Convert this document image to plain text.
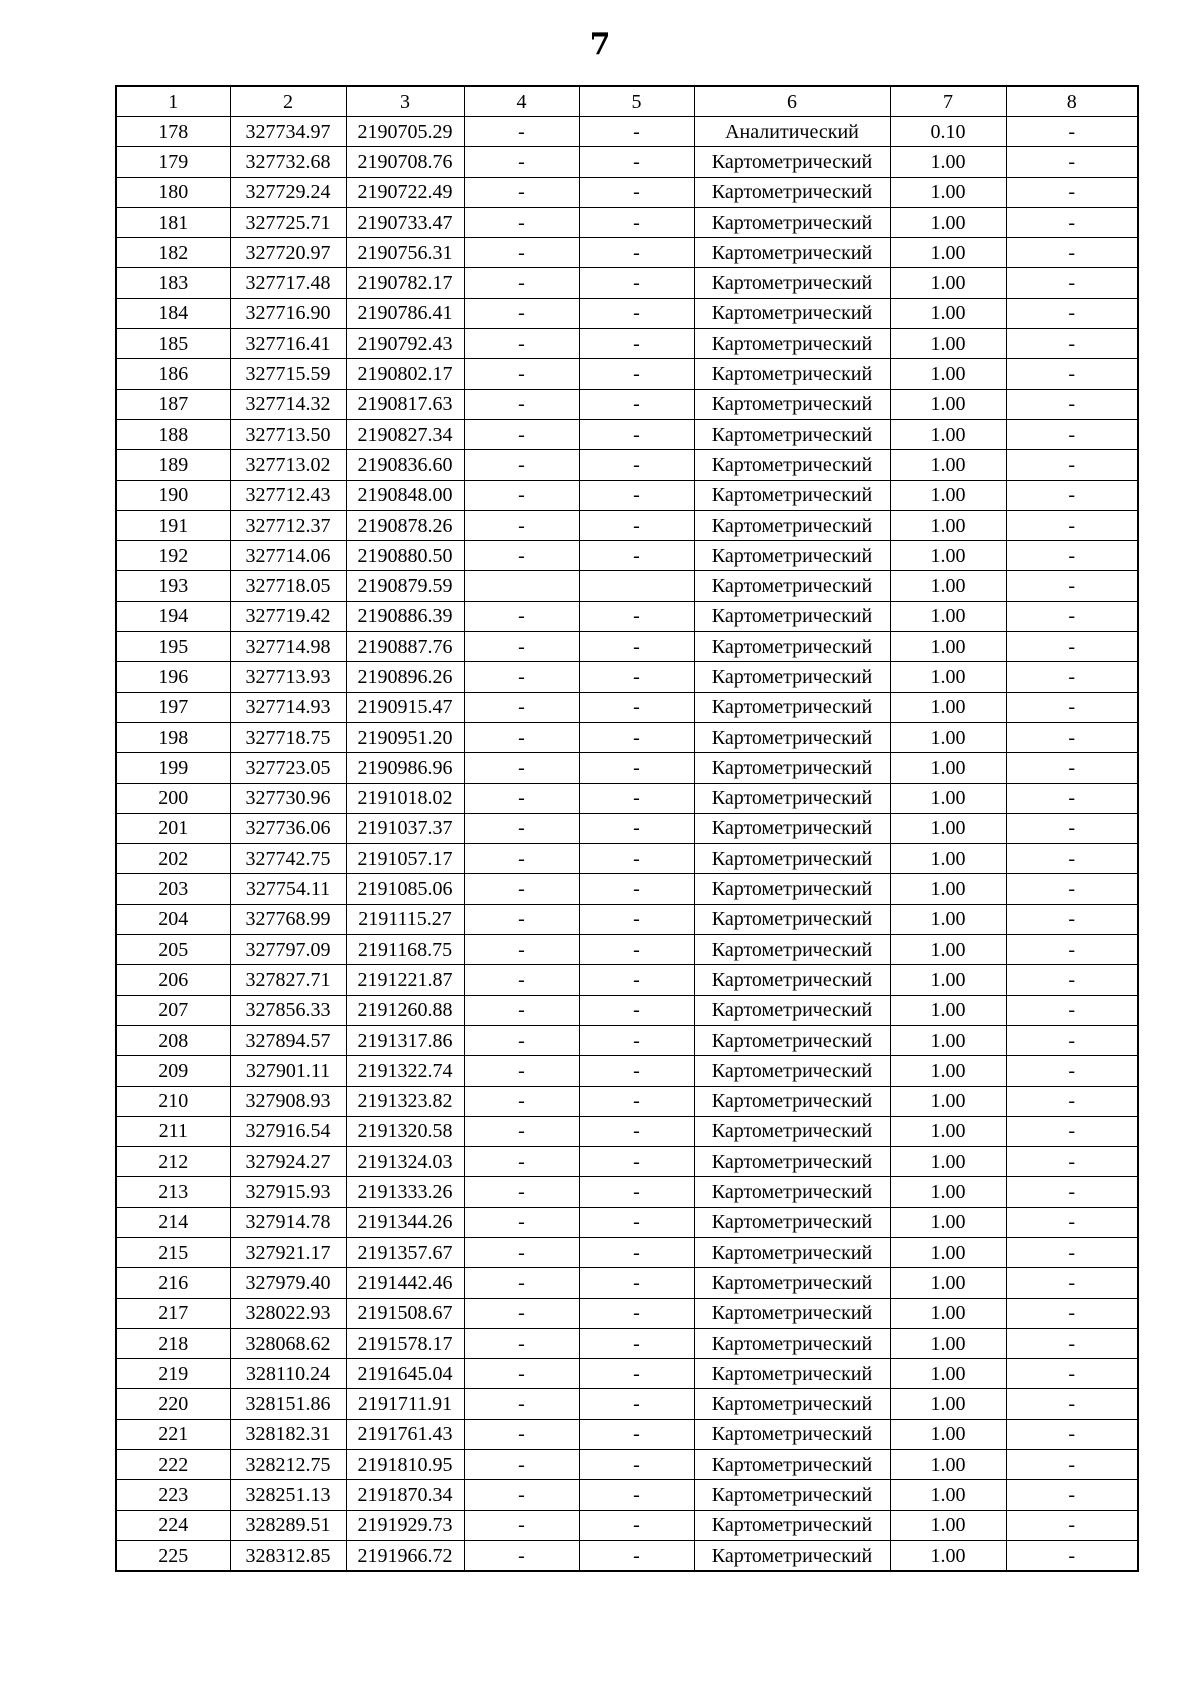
7
1	2	3	4	5	6	7	8
178	327734.97	2190705.29	-	-	Аналитический	0.10	-
179	327732.68	2190708.76	-	-	Картометрический	1.00	-
180	327729.24	2190722.49	-	-	Картометрический	1.00	-
181	327725.71	2190733.47	-	-	Картометрический	1.00	-
182	327720.97	2190756.31	-	-	Картометрический	1.00	-
183	327717.48	2190782.17	-	-	Картометрический	1.00	-
184	327716.90	2190786.41	-	-	Картометрический	1.00	-
185	327716.41	2190792.43	-	-	Картометрический	1.00	-
186	327715.59	2190802.17	-	-	Картометрический	1.00	-
187	327714.32	2190817.63	-	-	Картометрический	1.00	-
188	327713.50	2190827.34	-	-	Картометрический	1.00	-
189	327713.02	2190836.60	-	-	Картометрический	1.00	-
190	327712.43	2190848.00	-	-	Картометрический	1.00	-
191	327712.37	2190878.26	-	-	Картометрический	1.00	-
192	327714.06	2190880.50	-	-	Картометрический	1.00	-
193	327718.05	2190879.59			Картометрический	1.00	-
194	327719.42	2190886.39	-	-	Картометрический	1.00	-
195	327714.98	2190887.76	-	-	Картометрический	1.00	-
196	327713.93	2190896.26	-	-	Картометрический	1.00	-
197	327714.93	2190915.47	-	-	Картометрический	1.00	-
198	327718.75	2190951.20	-	-	Картометрический	1.00	-
199	327723.05	2190986.96	-	-	Картометрический	1.00	-
200	327730.96	2191018.02	-	-	Картометрический	1.00	-
201	327736.06	2191037.37	-	-	Картометрический	1.00	-
202	327742.75	2191057.17	-	-	Картометрический	1.00	-
203	327754.11	2191085.06	-	-	Картометрический	1.00	-
204	327768.99	2191115.27	-	-	Картометрический	1.00	-
205	327797.09	2191168.75	-	-	Картометрический	1.00	-
206	327827.71	2191221.87	-	-	Картометрический	1.00	-
207	327856.33	2191260.88	-	-	Картометрический	1.00	-
208	327894.57	2191317.86	-	-	Картометрический	1.00	-
209	327901.11	2191322.74	-	-	Картометрический	1.00	-
210	327908.93	2191323.82	-	-	Картометрический	1.00	-
211	327916.54	2191320.58	-	-	Картометрический	1.00	-
212	327924.27	2191324.03	-	-	Картометрический	1.00	-
213	327915.93	2191333.26	-	-	Картометрический	1.00	-
214	327914.78	2191344.26	-	-	Картометрический	1.00	-
215	327921.17	2191357.67	-	-	Картометрический	1.00	-
216	327979.40	2191442.46	-	-	Картометрический	1.00	-
217	328022.93	2191508.67	-	-	Картометрический	1.00	-
218	328068.62	2191578.17	-	-	Картометрический	1.00	-
219	328110.24	2191645.04	-	-	Картометрический	1.00	-
220	328151.86	2191711.91	-	-	Картометрический	1.00	-
221	328182.31	2191761.43	-	-	Картометрический	1.00	-
222	328212.75	2191810.95	-	-	Картометрический	1.00	-
223	328251.13	2191870.34	-	-	Картометрический	1.00	-
224	328289.51	2191929.73	-	-	Картометрический	1.00	-
225	328312.85	2191966.72	-	-	Картометрический	1.00	-
